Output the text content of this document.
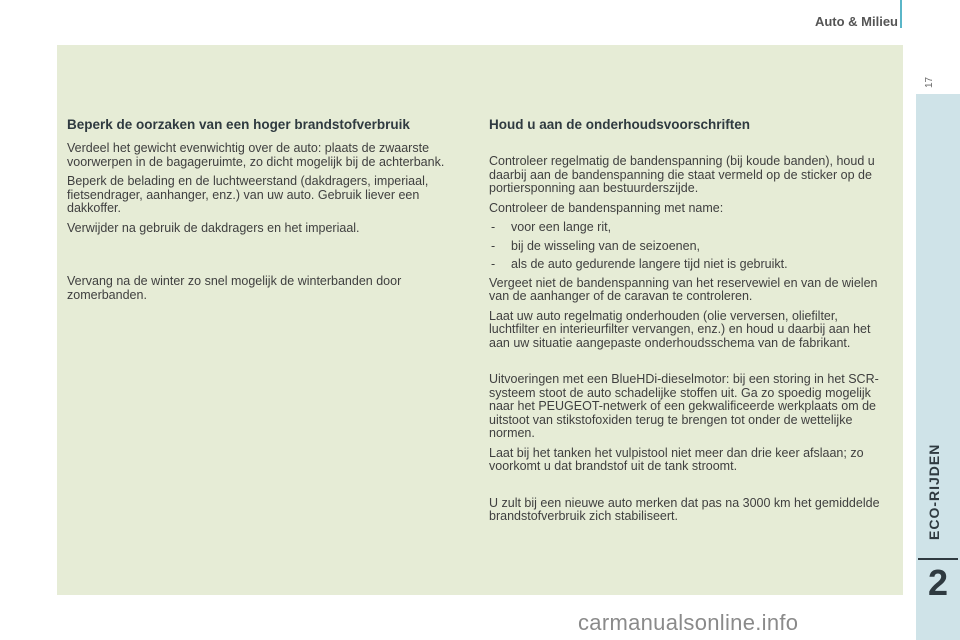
Auto & Milieu
17
ECO-RIJDEN
2
Beperk de oorzaken van een hoger brandstofverbruik

Verdeel het gewicht evenwichtig over de auto: plaats de zwaarste voorwerpen in de bagageruimte, zo dicht mogelijk bij de achterbank.

Beperk de belading en de luchtweerstand (dakdragers, imperiaal, fietsendrager, aanhanger, enz.) van uw auto. Gebruik liever een dakkoffer.

Verwijder na gebruik de dakdragers en het imperiaal.

Vervang na de winter zo snel mogelijk de winterbanden door zomerbanden.

Houd u aan de onderhoudsvoorschriften

Controleer regelmatig de bandenspanning (bij koude banden), houd u daarbij aan de bandenspanning die staat vermeld op de sticker op de portiersponning aan bestuurderszijde.

Controleer de bandenspanning met name:

- voor een lange rit,
- bij de wisseling van de seizoenen,
- als de auto gedurende langere tijd niet is gebruikt.

Vergeet niet de bandenspanning van het reservewiel en van de wielen van de aanhanger of de caravan te controleren.

Laat uw auto regelmatig onderhouden (olie verversen, oliefilter, luchtfilter en interieurfilter vervangen, enz.) en houd u daarbij aan het aan uw situatie aangepaste onderhoudsschema van de fabrikant.

Uitvoeringen met een BlueHDi-dieselmotor: bij een storing in het SCR-systeem stoot de auto schadelijke stoffen uit. Ga zo spoedig mogelijk naar het PEUGEOT-netwerk of een gekwalificeerde werkplaats om de uitstoot van stikstofoxiden terug te brengen tot onder de wettelijke normen.

Laat bij het tanken het vulpistool niet meer dan drie keer afslaan; zo voorkomt u dat brandstof uit de tank stroomt.

U zult bij een nieuwe auto merken dat pas na 3000 km het gemiddelde brandstofverbruik zich stabiliseert.

carmanualsonline.info
